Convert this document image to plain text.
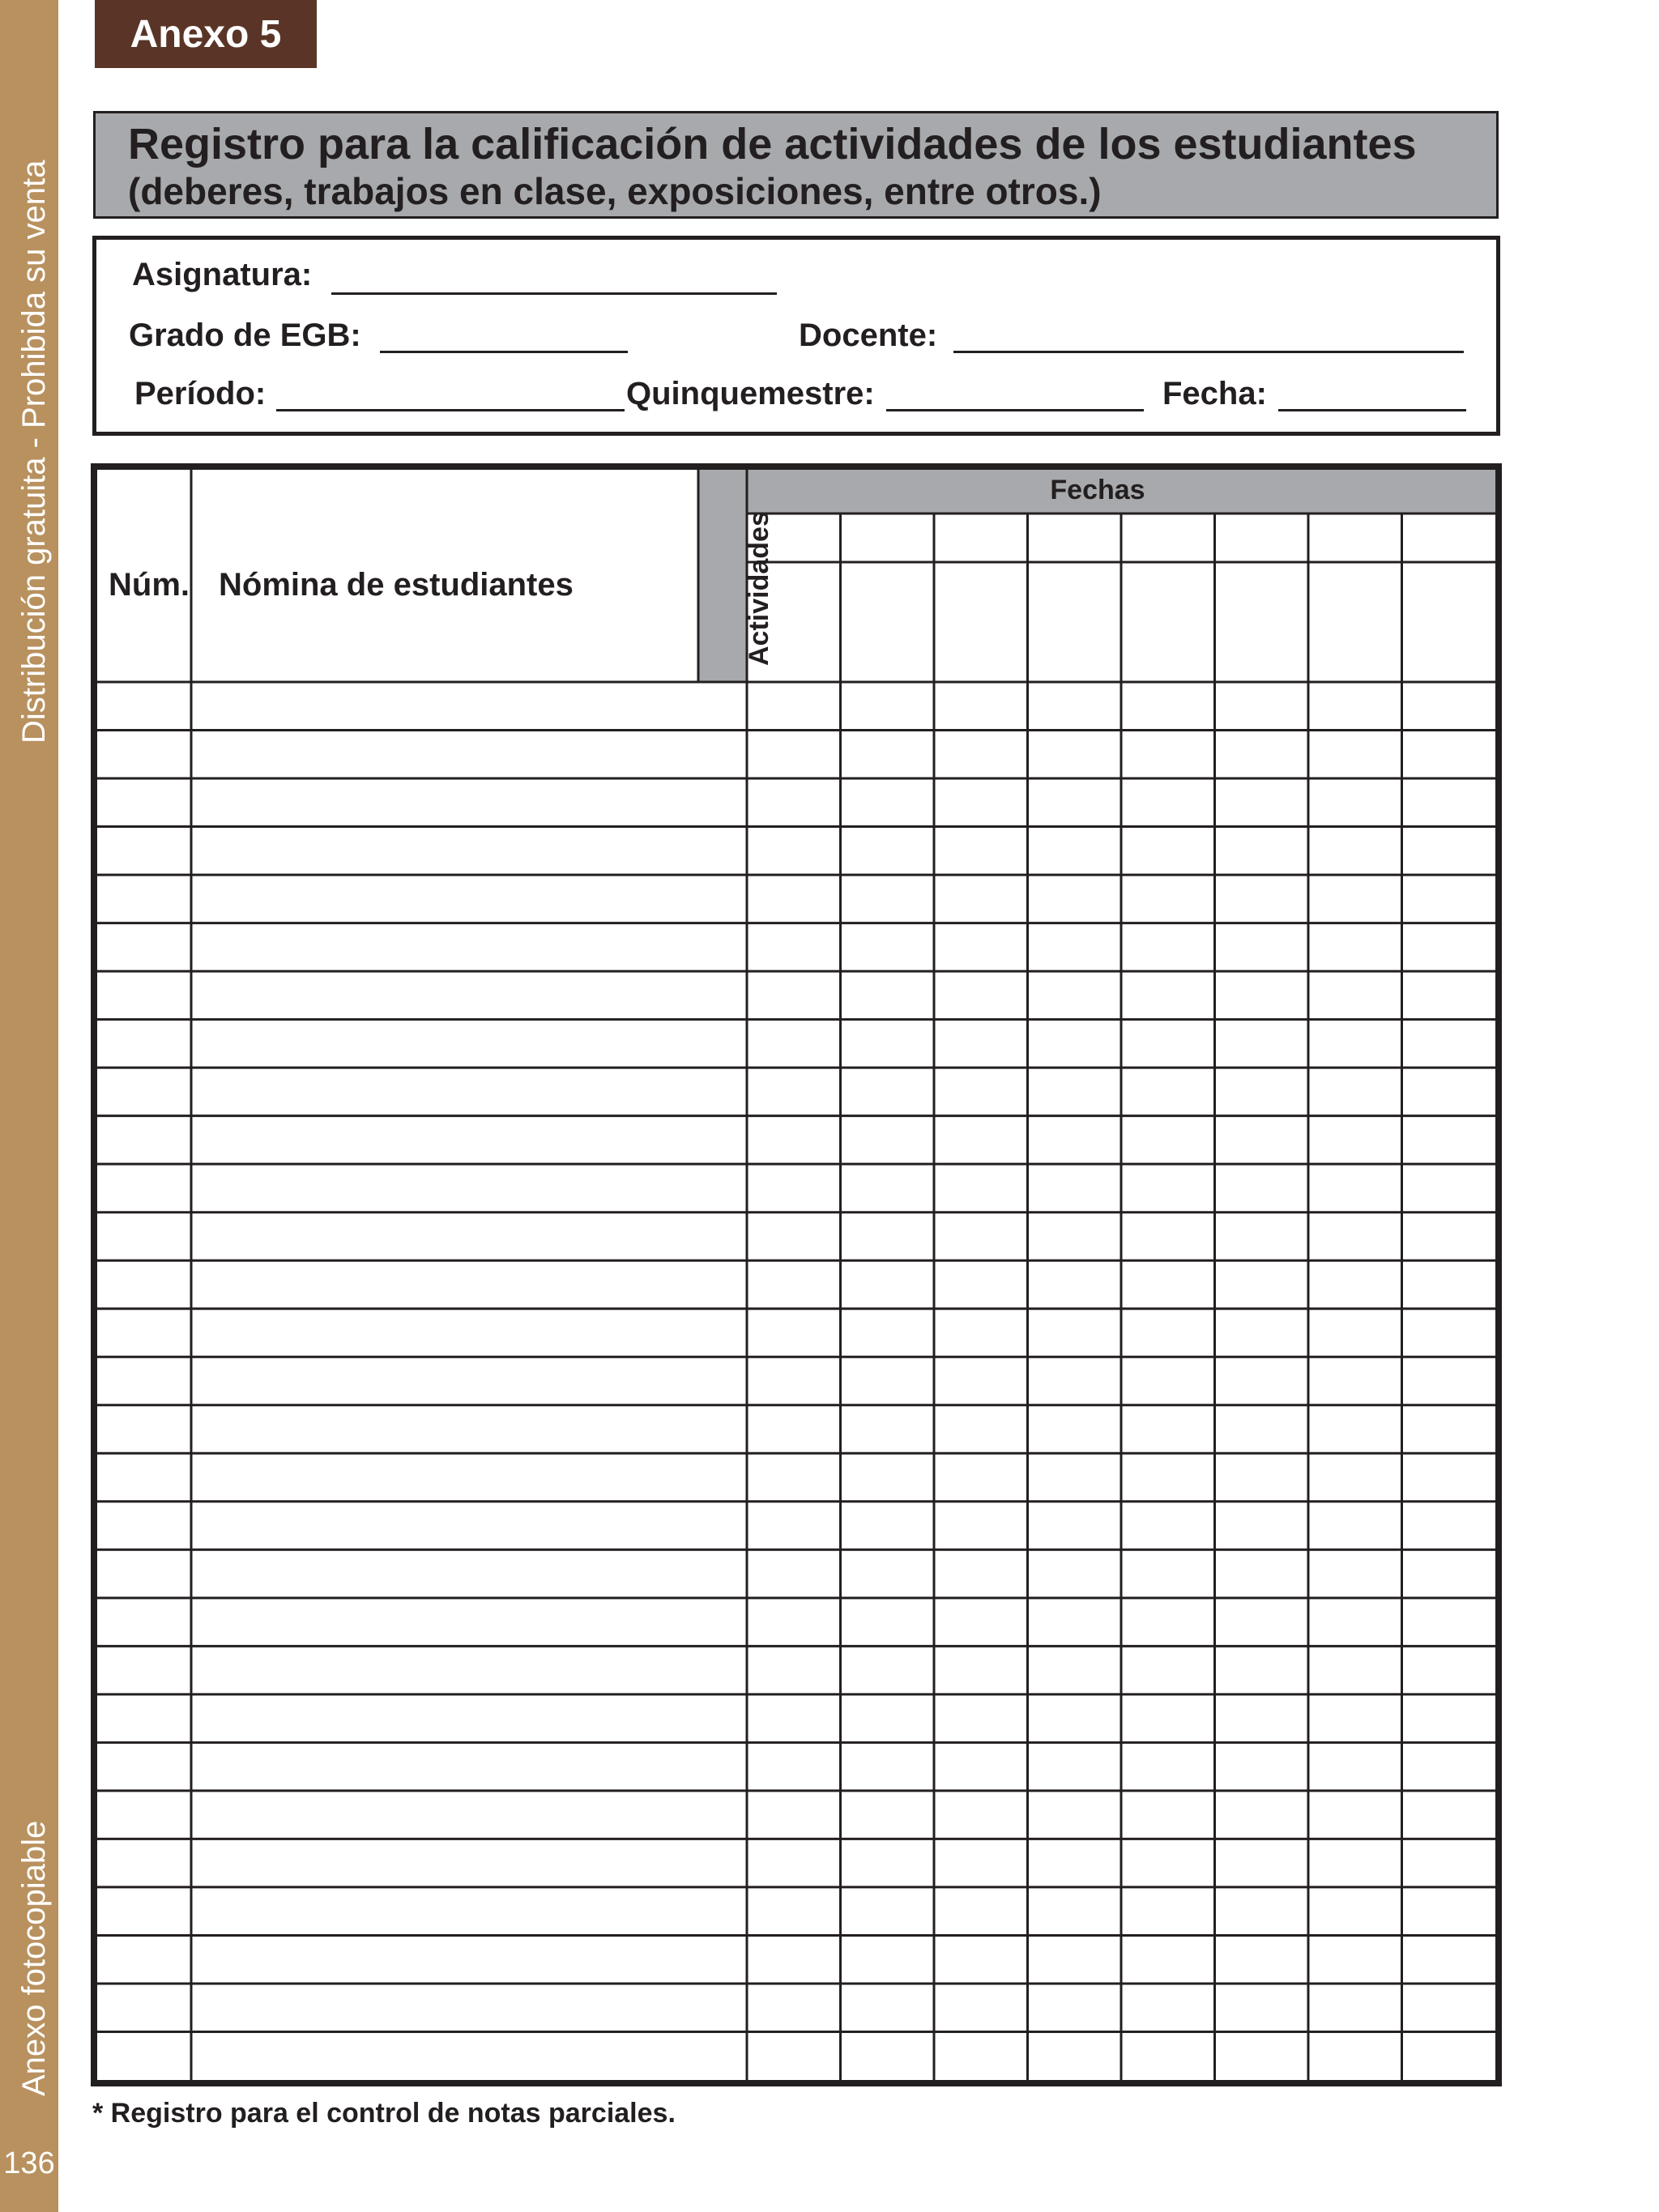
Distribución gratuita - Prohibida su venta
Anexo fotocopiable
136
Anexo 5
Registro para la calificación de actividades de los estudiantes
(deberes, trabajos en clase, exposiciones, entre otros.)
Asignatura:
Grado de EGB:	Docente:
Período:	Quinquemestre:	Fecha:
Núm. Nómina de estudiantes	Actividades
Fechas
* Registro para el control de notas parciales.
